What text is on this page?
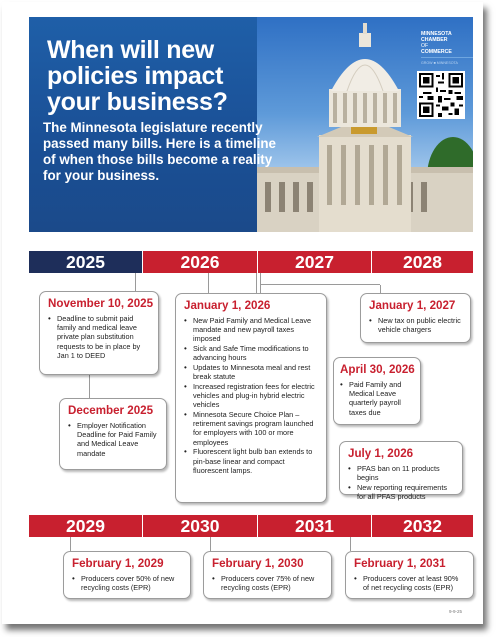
When will new policies impact your business?
The Minnesota legislature recently passed many bills. Here is a timeline of when those bills become a reality for your business.
MINNESOTA
CHAMBER
OF
COMMERCE
GROW ■ MINNESOTA
2025	2026	2027	2028
November 10, 2025
• Deadline to submit paid family and medical leave private plan substitution requests to be in place by Jan 1 to DEED
December 2025
• Employer Notification Deadline for Paid Family and Medical Leave mandate
January 1, 2026
• New Paid Family and Medical Leave mandate and new payroll taxes imposed
• Sick and Safe Time modifications to advancing hours
• Updates to Minnesota meal and rest break statute
• Increased registration fees for electric vehicles and plug-in hybrid electric vehicles
• Minnesota Secure Choice Plan – retirement savings program launched for employers with 100 or more employees
• Fluorescent light bulb ban extends to pin-base linear and compact fluorescent lamps.
January 1, 2027
• New tax on public electric vehicle chargers
April 30, 2026
• Paid Family and Medical Leave quarterly payroll taxes due
July 1, 2026
• PFAS ban on 11 products begins
• New reporting requirements for all PFAS products
2029	2030	2031	2032
February 1, 2029
• Producers cover 50% of new recycling costs (EPR)
February 1, 2030
• Producers cover 75% of new recycling costs (EPR)
February 1, 2031
• Producers cover at least 90% of net recycling costs (EPR)
9-9-25
